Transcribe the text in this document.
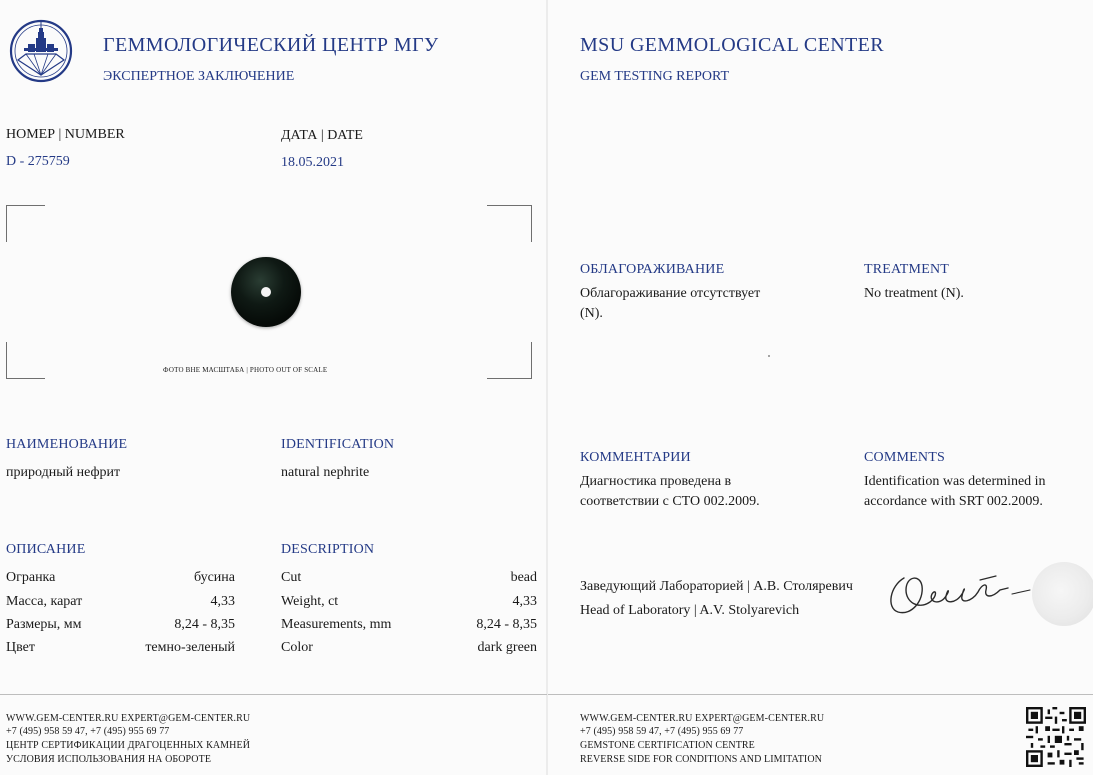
ГЕММОЛОГИЧЕСКИЙ ЦЕНТР МГУ
ЭКСПЕРТНОЕ ЗАКЛЮЧЕНИЕ
НОМЕР | NUMBER
D - 275759
ДАТА | DATE
18.05.2021
ФОТО ВНЕ МАСШТАБА | PHOTO OUT OF SCALE
НАИМЕНОВАНИЕ
природный нефрит
IDENTIFICATION
natural nephrite
ОПИСАНИЕ	DESCRIPTION
Огранка	бусина
Масса, карат	4,33
Размеры, мм	8,24 - 8,35
Цвет	темно-зеленый
Cut	bead
Weight, ct	4,33
Measurements, mm	8,24 - 8,35
Color	dark green
WWW.GEM-CENTER.RU EXPERT@GEM-CENTER.RU
+7 (495) 958 59 47, +7 (495) 955 69 77
ЦЕНТР СЕРТИФИКАЦИИ ДРАГОЦЕННЫХ КАМНЕЙ
УСЛОВИЯ ИСПОЛЬЗОВАНИЯ НА ОБОРОТЕ
MSU GEMMOLOGICAL CENTER
GEM TESTING REPORT
ОБЛАГОРАЖИВАНИЕ
Облагораживание отсутствует
(N).
TREATMENT
No treatment (N).
КОММЕНТАРИИ
Диагностика проведена в
соответствии с СТО 002.2009.
COMMENTS
Identification was determined in
accordance with SRT 002.2009.
Заведующий Лабораторией | А.В. Столяревич
Head of Laboratory | A.V. Stolyarevich
WWW.GEM-CENTER.RU EXPERT@GEM-CENTER.RU
+7 (495) 958 59 47, +7 (495) 955 69 77
GEMSTONE CERTIFICATION CENTRE
REVERSE SIDE FOR CONDITIONS AND LIMITATION
